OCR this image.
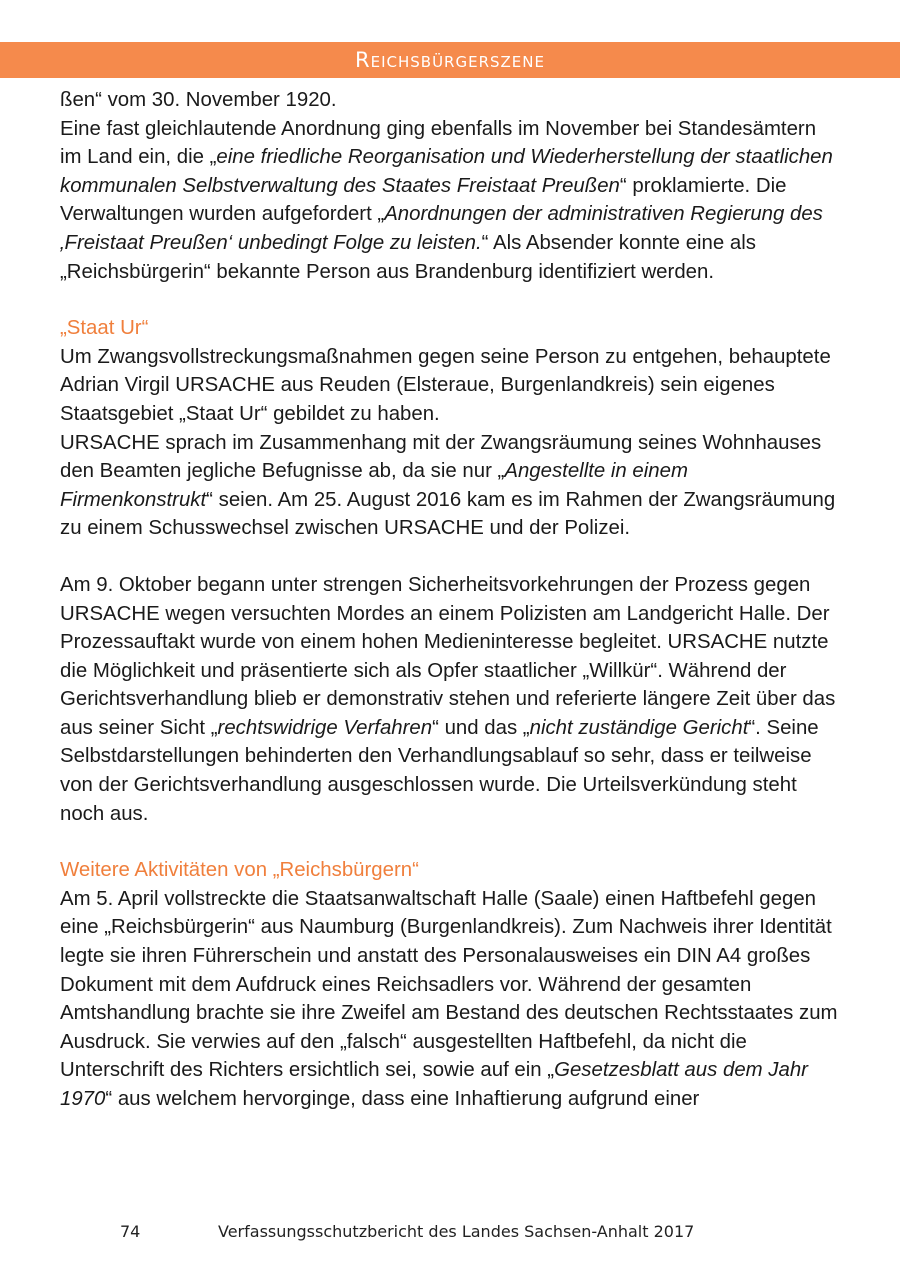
Reichsbürgerszene

ßen“ vom 30. November 1920.

Eine fast gleichlautende Anordnung ging ebenfalls im November bei Standesämtern im Land ein, die „eine friedliche Reorganisation und Wiederherstellung der staatlichen kommunalen Selbstverwaltung des Staates Freistaat Preußen“ proklamierte. Die Verwaltungen wurden aufgefordert „Anordnungen der administrativen Regierung des ‚Freistaat Preußen‘ unbedingt Folge zu leisten.“ Als Absender konnte eine als „Reichsbürgerin“ bekannte Person aus Brandenburg identifiziert werden.

„Staat Ur“

Um Zwangsvollstreckungsmaßnahmen gegen seine Person zu entgehen, behauptete Adrian Virgil URSACHE aus Reuden (Elsteraue, Burgenlandkreis) sein eigenes Staatsgebiet „Staat Ur“ gebildet zu haben.

URSACHE sprach im Zusammenhang mit der Zwangsräumung seines Wohnhauses den Beamten jegliche Befugnisse ab, da sie nur „Angestellte in einem Firmenkonstrukt“ seien. Am 25. August 2016 kam es im Rahmen der Zwangsräumung zu einem Schusswechsel zwischen URSACHE und der Polizei.

Am 9. Oktober begann unter strengen Sicherheitsvorkehrungen der Prozess gegen URSACHE wegen versuchten Mordes an einem Polizisten am Landgericht Halle. Der Prozessauftakt wurde von einem hohen Medieninteresse begleitet. URSACHE nutzte die Möglichkeit und präsentierte sich als Opfer staatlicher „Willkür“. Während der Gerichtsverhandlung blieb er demonstrativ stehen und referierte längere Zeit über das aus seiner Sicht „rechtswidrige Verfahren“ und das „nicht zuständige Gericht“. Seine Selbstdarstellungen behinderten den Verhandlungsablauf so sehr, dass er teilweise von der Gerichtsverhandlung ausgeschlossen wurde. Die Urteilsverkündung steht noch aus.

Weitere Aktivitäten von „Reichsbürgern“

Am 5. April vollstreckte die Staatsanwaltschaft Halle (Saale) einen Haftbefehl gegen eine „Reichsbürgerin“ aus Naumburg (Burgenlandkreis). Zum Nachweis ihrer Identität legte sie ihren Führerschein und anstatt des Personalausweises ein DIN A4 großes Dokument mit dem Aufdruck eines Reichsadlers vor. Während der gesamten Amtshandlung brachte sie ihre Zweifel am Bestand des deutschen Rechtsstaates zum Ausdruck. Sie verwies auf den „falsch“ ausgestellten Haftbefehl, da nicht die Unterschrift des Richters ersichtlich sei, sowie auf ein „Gesetzesblatt aus dem Jahr 1970“ aus welchem hervorginge, dass eine Inhaftierung aufgrund einer

74	Verfassungsschutzbericht des Landes Sachsen-Anhalt 2017
